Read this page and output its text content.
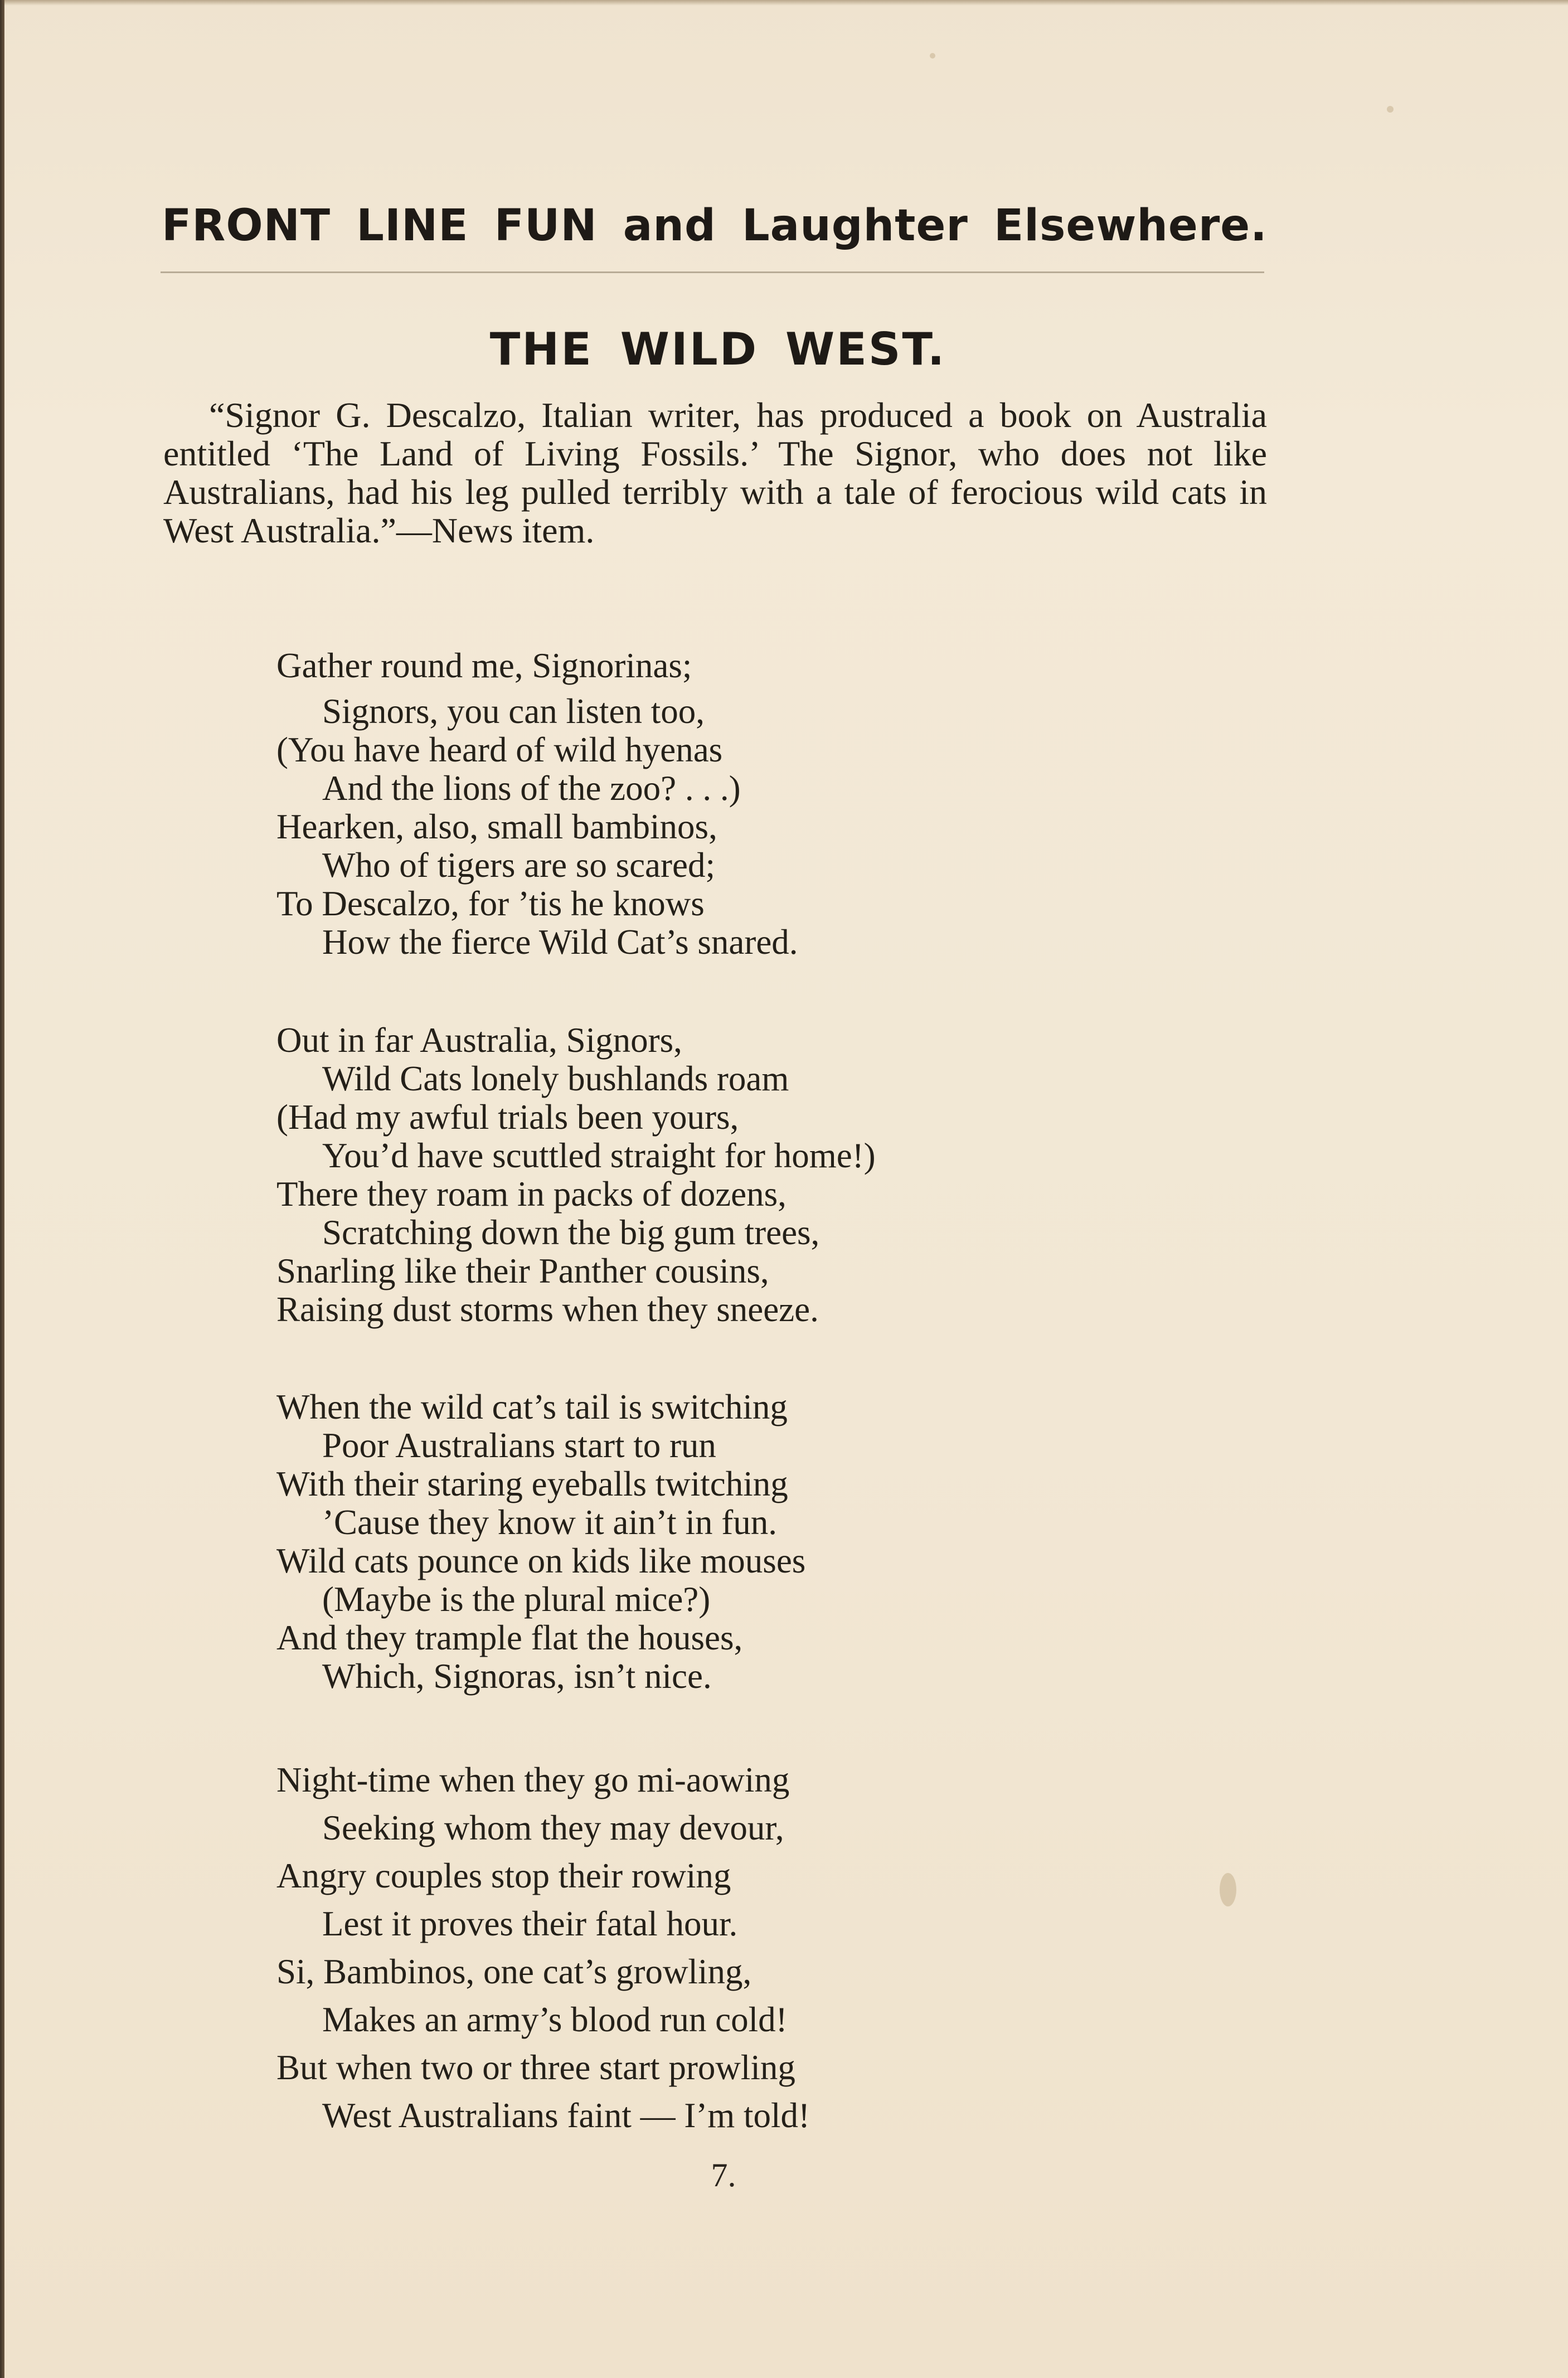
FRONT LINE FUN and Laughter Elsewhere.
THE WILD WEST.
“Signor G. Descalzo, Italian writer, has produced a book on Australia entitled ‘The Land of Living Fossils.’ The Signor, who does not like Australians, had his leg pulled terribly with a tale of ferocious wild cats in West Australia.”—News item.
Gather round me, Signorinas;
Signors, you can listen too,
(You have heard of wild hyenas
And the lions of the zoo? . . .)
Hearken, also, small bambinos,
Who of tigers are so scared;
To Descalzo, for ’tis he knows
How the fierce Wild Cat’s snared.
Out in far Australia, Signors,
Wild Cats lonely bushlands roam
(Had my awful trials been yours,
You’d have scuttled straight for home!)
There they roam in packs of dozens,
Scratching down the big gum trees,
Snarling like their Panther cousins,
Raising dust storms when they sneeze.
When the wild cat’s tail is switching
Poor Australians start to run
With their staring eyeballs twitching
’Cause they know it ain’t in fun.
Wild cats pounce on kids like mouses
(Maybe is the plural mice?)
And they trample flat the houses,
Which, Signoras, isn’t nice.
Night-time when they go mi-aowing
Seeking whom they may devour,
Angry couples stop their rowing
Lest it proves their fatal hour.
Si, Bambinos, one cat’s growling,
Makes an army’s blood run cold!
But when two or three start prowling
West Australians faint — I’m told!
7.
